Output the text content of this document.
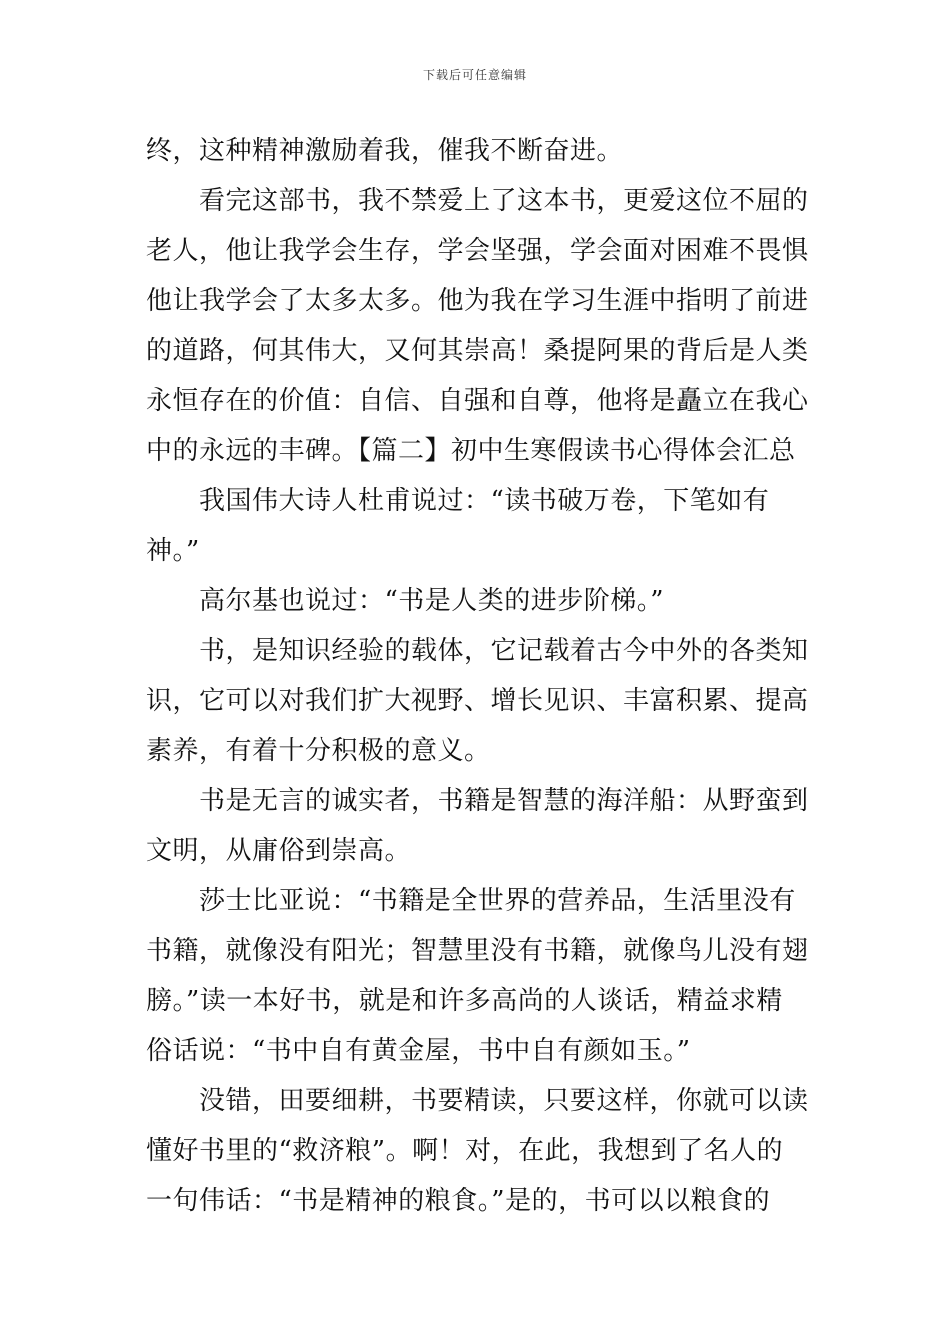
下载后可任意编辑
终，这种精神激励着我，催我不断奋进。
看完这部书，我不禁爱上了这本书，更爱这位不屈的
老人，他让我学会生存，学会坚强，学会面对困难不畏惧
他让我学会了太多太多。他为我在学习生涯中指明了前进
的道路，何其伟大，又何其崇高！桑提阿果的背后是人类
永恒存在的价值：自信、自强和自尊，他将是矗立在我心
中的永远的丰碑。【篇二】初中生寒假读书心得体会汇总
我国伟大诗人杜甫说过：“读书破万卷，下笔如有
神。”
高尔基也说过：“书是人类的进步阶梯。”
书，是知识经验的载体，它记载着古今中外的各类知
识，它可以对我们扩大视野、增长见识、丰富积累、提高
素养，有着十分积极的意义。
书是无言的诚实者，书籍是智慧的海洋船：从野蛮到
文明，从庸俗到崇高。
莎士比亚说：“书籍是全世界的营养品，生活里没有
书籍，就像没有阳光；智慧里没有书籍，就像鸟儿没有翅
膀。”读一本好书，就是和许多高尚的人谈话，精益求精
俗话说：“书中自有黄金屋，书中自有颜如玉。”
没错，田要细耕，书要精读，只要这样，你就可以读
懂好书里的“救济粮”。啊！对，在此，我想到了名人的
一句伟话：“书是精神的粮食。”是的，书可以以粮食的
